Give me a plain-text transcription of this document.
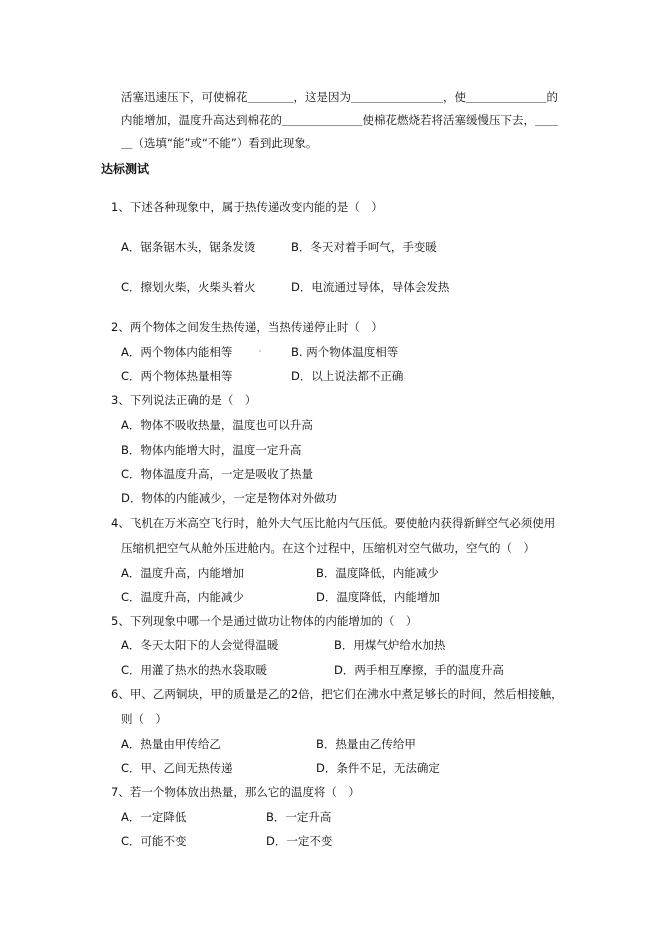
活塞迅速压下，可使棉花＿＿＿＿，这是因为＿＿＿＿＿＿＿＿，使＿＿＿＿＿＿＿的
内能增加，温度升高达到棉花的＿＿＿＿＿＿＿使棉花燃烧若将活塞缓慢压下去，＿＿
＿（选填“能”或“不能”）看到此现象。
达标测试
1、下述各种现象中，属于热传递改变内能的是（　）
A．锯条锯木头，锯条发烫	B．冬天对着手呵气，手变暖
C．擦划火柴，火柴头着火	D．电流通过导体，导体会发热
2、两个物体之间发生热传递，当热传递停止时（　）
A．两个物体内能相等	B. 两个物体温度相等
C．两个物体热量相等	D．以上说法都不正确
3、下列说法正确的是（　）
A．物体不吸收热量，温度也可以升高
B．物体内能增大时，温度一定升高
C．物体温度升高，一定是吸收了热量
D．物体的内能减少，一定是物体对外做功
4、飞机在万米高空飞行时，舱外大气压比舱内气压低。要使舱内获得新鲜空气必须使用
压缩机把空气从舱外压进舱内。在这个过程中，压缩机对空气做功，空气的（　）
A．温度升高，内能增加	B．温度降低，内能减少
C．温度升高，内能减少	D．温度降低，内能增加
5、下列现象中哪一个是通过做功让物体的内能增加的（　）
A．冬天太阳下的人会觉得温暖	B．用煤气炉给水加热
C．用灌了热水的热水袋取暖	D．两手相互摩擦，手的温度升高
6、甲、乙两铜块，甲的质量是乙的2倍，把它们在沸水中煮足够长的时间，然后相接触，
则（　）
A．热量由甲传给乙	B．热量由乙传给甲
C．甲、乙间无热传递	D．条件不足，无法确定
7、若一个物体放出热量，那么它的温度将（　）
A．一定降低	B．一定升高
C．可能不变	D．一定不变
